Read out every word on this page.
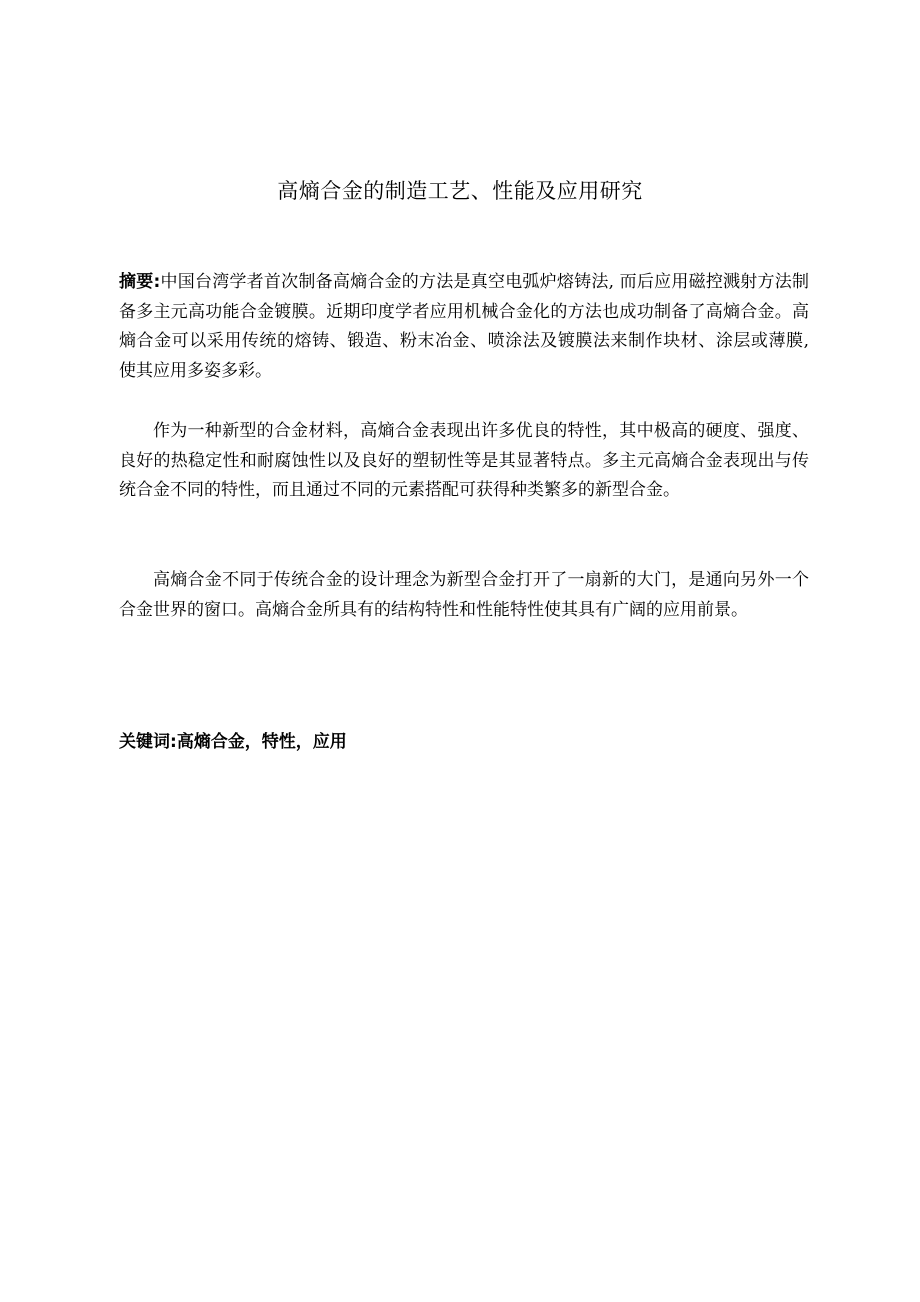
高熵合金的制造工艺、性能及应用研究

摘要:中国台湾学者首次制备高熵合金的方法是真空电弧炉熔铸法, 而后应用磁控溅射方法制备多主元高功能合金镀膜。近期印度学者应用机械合金化的方法也成功制备了高熵合金。高熵合金可以采用传统的熔铸、锻造、粉末冶金、喷涂法及镀膜法来制作块材、涂层或薄膜, 使其应用多姿多彩。

作为一种新型的合金材料，高熵合金表现出许多优良的特性，其中极高的硬度、强度、良好的热稳定性和耐腐蚀性以及良好的塑韧性等是其显著特点。多主元高熵合金表现出与传统合金不同的特性，而且通过不同的元素搭配可获得种类繁多的新型合金。

高熵合金不同于传统合金的设计理念为新型合金打开了一扇新的大门，是通向另外一个合金世界的窗口。高熵合金所具有的结构特性和性能特性使其具有广阔的应用前景。

关键词:高熵合金，特性，应用
